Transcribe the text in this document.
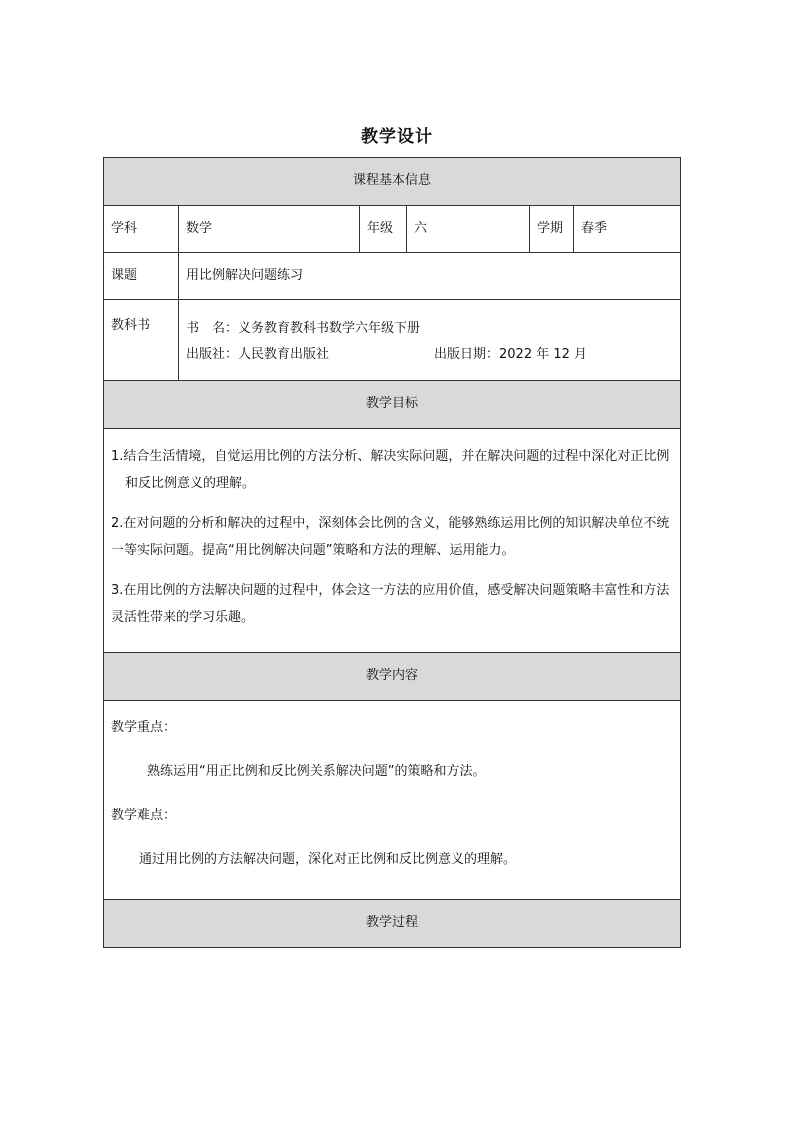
教学设计
课程基本信息					
学科	数学	年级	六	学期	春季
课题	用比例解决问题练习				
教科书	书　名：义务教育教科书数学六年级下册
出版社：人民教育出版社 出版日期：2022 年 12 月				

教学目标					

1.结合生活情境，自觉运用比例的方法分析、解决实际问题，并在解决问题的过程中深化对正比例和反比例意义的理解。

2.在对问题的分析和解决的过程中，深刻体会比例的含义，能够熟练运用比例的知识解决单位不统一等实际问题。提高“用比例解决问题”策略和方法的理解、运用能力。

3.在用比例的方法解决问题的过程中，体会这一方法的应用价值，感受解决问题策略丰富性和方法灵活性带来的学习乐趣。					

教学内容					

教学重点：

熟练运用“用正比例和反比例关系解决问题”的策略和方法。

教学难点：

通过用比例的方法解决问题，深化对正比例和反比例意义的理解。					

教学过程					
